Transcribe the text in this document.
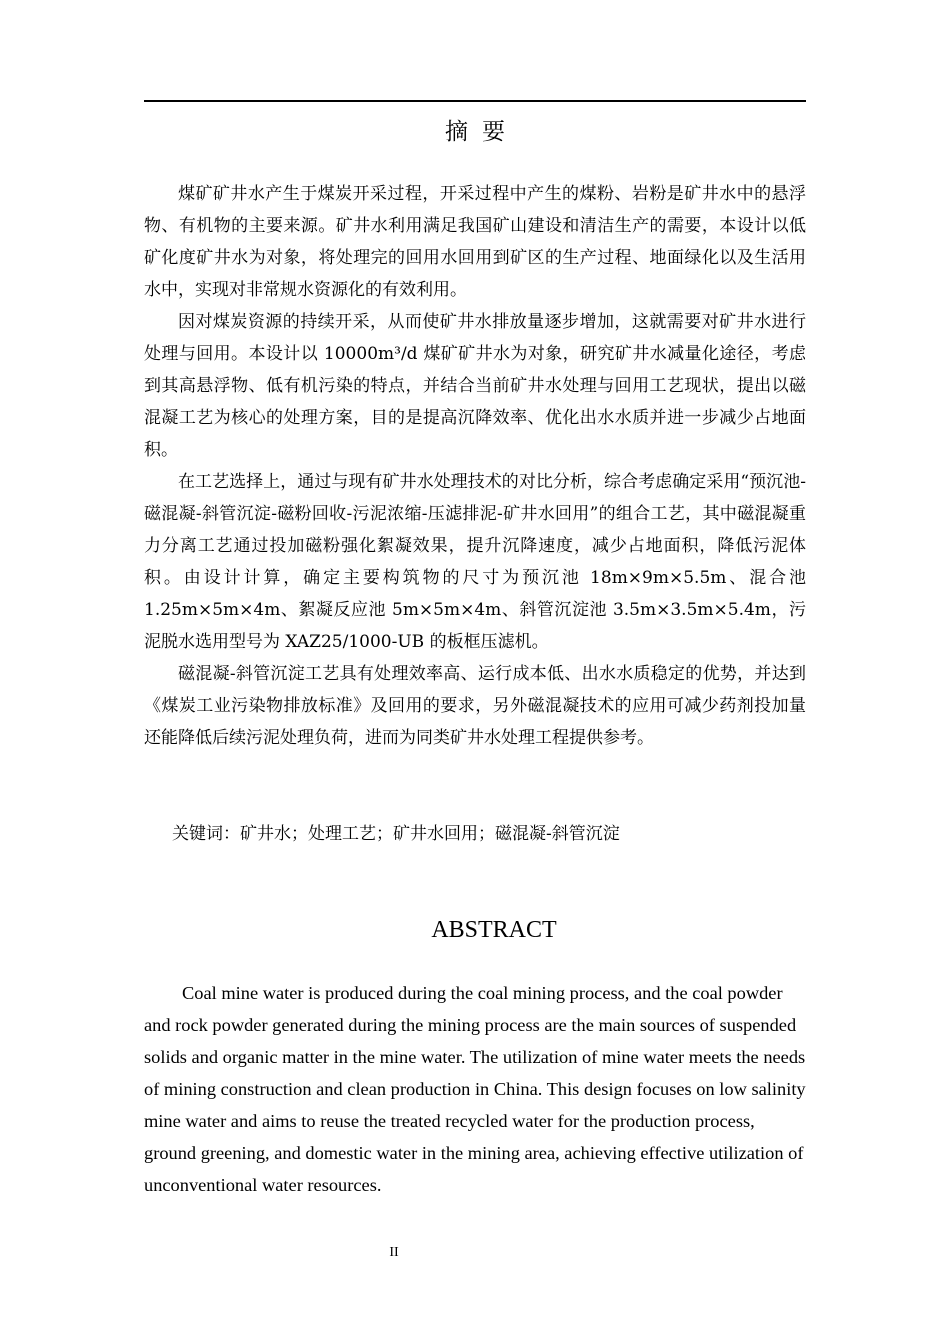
摘要

煤矿矿井水产生于煤炭开采过程，开采过程中产生的煤粉、岩粉是矿井水中的悬浮物、有机物的主要来源。矿井水利用满足我国矿山建设和清洁生产的需要，本设计以低矿化度矿井水为对象，将处理完的回用水回用到矿区的生产过程、地面绿化以及生活用水中，实现对非常规水资源化的有效利用。

因对煤炭资源的持续开采，从而使矿井水排放量逐步增加，这就需要对矿井水进行处理与回用。本设计以 10000m³/d 煤矿矿井水为对象，研究矿井水减量化途径，考虑到其高悬浮物、低有机污染的特点，并结合当前矿井水处理与回用工艺现状，提出以磁混凝工艺为核心的处理方案，目的是提高沉降效率、优化出水水质并进一步减少占地面积。

在工艺选择上，通过与现有矿井水处理技术的对比分析，综合考虑确定采用“预沉池-磁混凝-斜管沉淀-磁粉回收-污泥浓缩-压滤排泥-矿井水回用”的组合工艺，其中磁混凝重力分离工艺通过投加磁粉强化絮凝效果，提升沉降速度，减少占地面积，降低污泥体积。由设计计算，确定主要构筑物的尺寸为预沉池 18m×9m×5.5m、混合池 1.25m×5m×4m、絮凝反应池 5m×5m×4m、斜管沉淀池 3.5m×3.5m×5.4m，污泥脱水选用型号为 XAZ25/1000-UB 的板框压滤机。

磁混凝-斜管沉淀工艺具有处理效率高、运行成本低、出水水质稳定的优势，并达到《煤炭工业污染物排放标准》及回用的要求，另外磁混凝技术的应用可减少药剂投加量还能降低后续污泥处理负荷，进而为同类矿井水处理工程提供参考。

关键词：矿井水；处理工艺；矿井水回用；磁混凝-斜管沉淀
ABSTRACT

Coal mine water is produced during the coal mining process, and the coal powder and rock powder generated during the mining process are the main sources of suspended solids and organic matter in the mine water. The utilization of mine water meets the needs of mining construction and clean production in China. This design focuses on low salinity mine water and aims to reuse the treated recycled water for the production process, ground greening, and domestic water in the mining area, achieving effective utilization of unconventional water resources.

II
